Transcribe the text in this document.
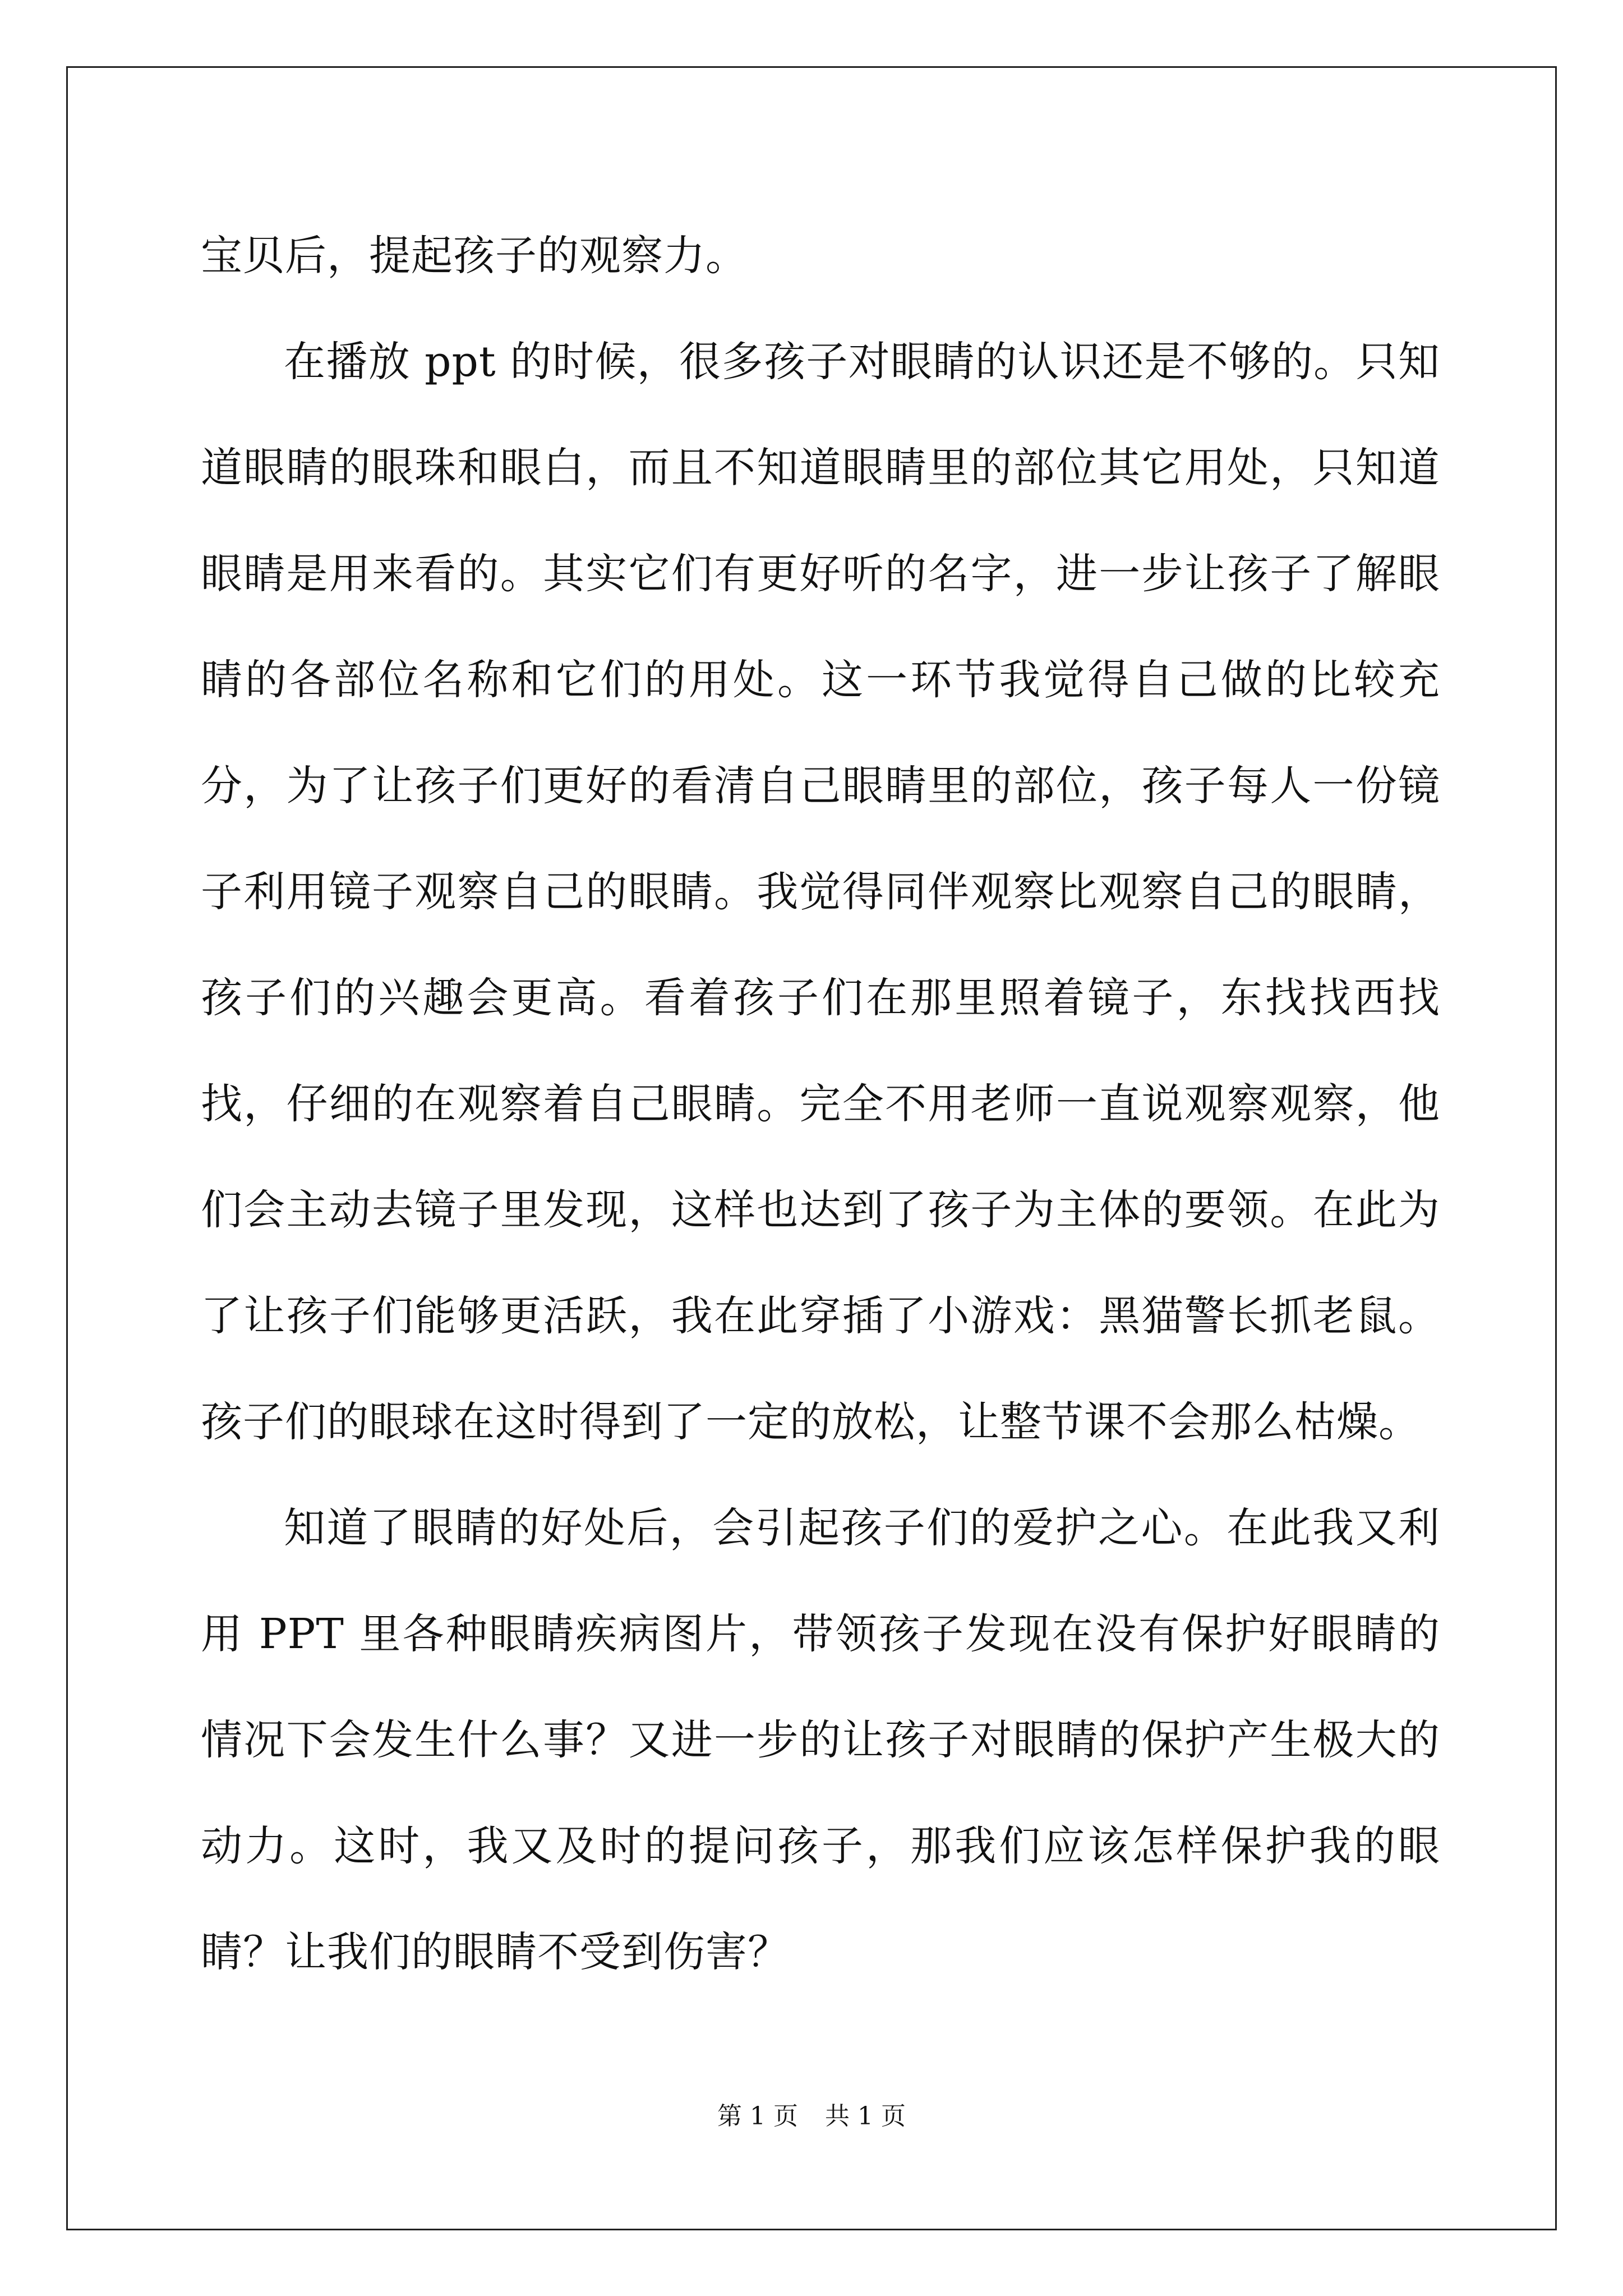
宝贝后，提起孩子的观察力。

在播放 ppt 的时候，很多孩子对眼睛的认识还是不够的。只知道眼睛的眼珠和眼白，而且不知道眼睛里的部位其它用处，只知道眼睛是用来看的。其实它们有更好听的名字，进一步让孩子了解眼睛的各部位名称和它们的用处。这一环节我觉得自己做的比较充分，为了让孩子们更好的看清自己眼睛里的部位，孩子每人一份镜子利用镜子观察自己的眼睛。我觉得同伴观察比观察自己的眼睛，孩子们的兴趣会更高。看着孩子们在那里照着镜子，东找找西找找，仔细的在观察着自己眼睛。完全不用老师一直说观察观察，他们会主动去镜子里发现，这样也达到了孩子为主体的要领。在此为了让孩子们能够更活跃，我在此穿插了小游戏：黑猫警长抓老鼠。孩子们的眼球在这时得到了一定的放松，让整节课不会那么枯燥。

知道了眼睛的好处后，会引起孩子们的爱护之心。在此我又利用 PPT 里各种眼睛疾病图片，带领孩子发现在没有保护好眼睛的情况下会发生什么事？又进一步的让孩子对眼睛的保护产生极大的动力。这时，我又及时的提问孩子，那我们应该怎样保护我的眼睛？让我们的眼睛不受到伤害？

第 1 页 共 1 页
